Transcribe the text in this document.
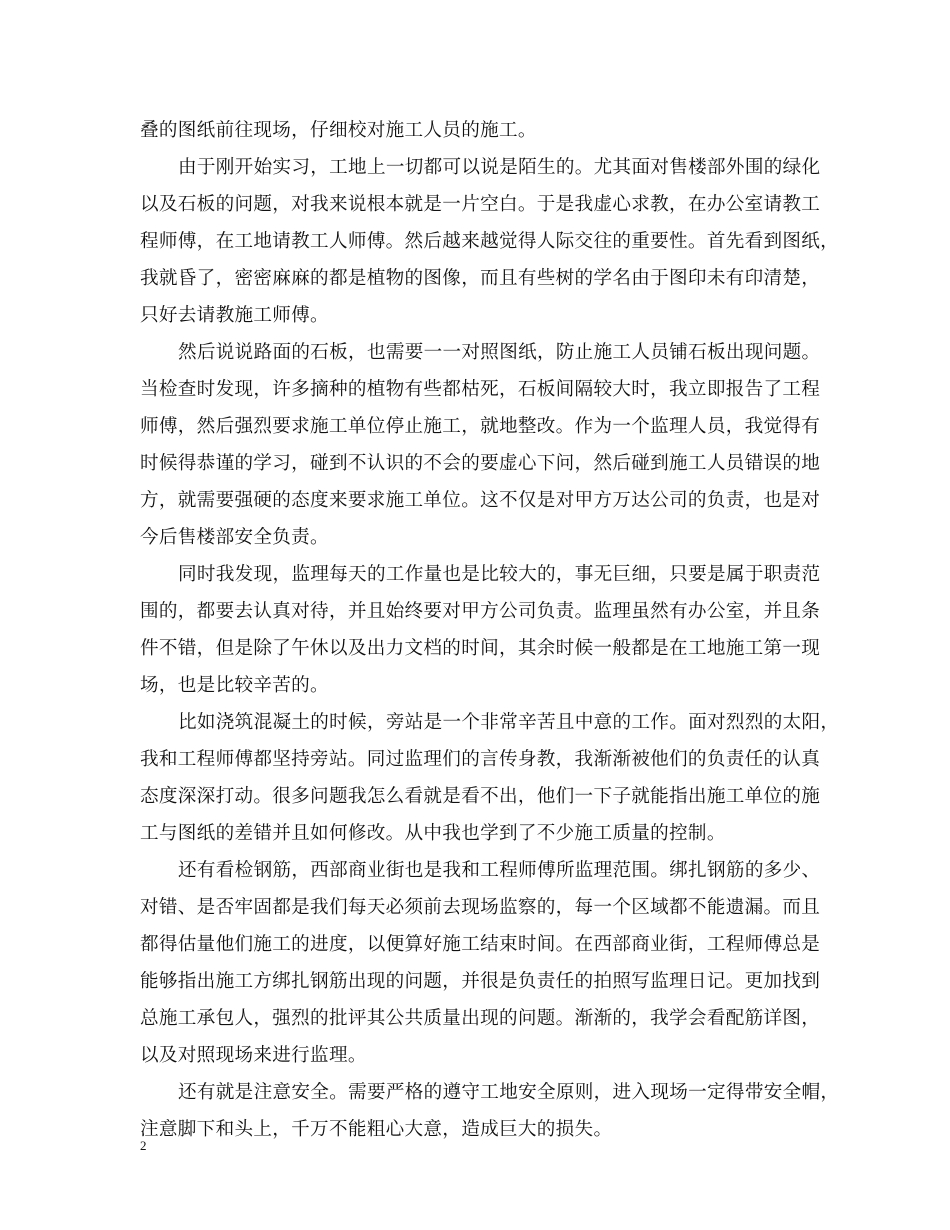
叠的图纸前往现场，仔细校对施工人员的施工。
由于刚开始实习，工地上一切都可以说是陌生的。尤其面对售楼部外围的绿化
以及石板的问题，对我来说根本就是一片空白。于是我虚心求教，在办公室请教工
程师傅，在工地请教工人师傅。然后越来越觉得人际交往的重要性。首先看到图纸，
我就昏了，密密麻麻的都是植物的图像，而且有些树的学名由于图印未有印清楚，
只好去请教施工师傅。
然后说说路面的石板，也需要一一对照图纸，防止施工人员铺石板出现问题。
当检查时发现，许多摘种的植物有些都枯死，石板间隔较大时，我立即报告了工程
师傅，然后强烈要求施工单位停止施工，就地整改。作为一个监理人员，我觉得有
时候得恭谨的学习，碰到不认识的不会的要虚心下问，然后碰到施工人员错误的地
方，就需要强硬的态度来要求施工单位。这不仅是对甲方万达公司的负责，也是对
今后售楼部安全负责。
同时我发现，监理每天的工作量也是比较大的，事无巨细，只要是属于职责范
围的，都要去认真对待，并且始终要对甲方公司负责。监理虽然有办公室，并且条
件不错，但是除了午休以及出力文档的时间，其余时候一般都是在工地施工第一现
场，也是比较辛苦的。
比如浇筑混凝土的时候，旁站是一个非常辛苦且中意的工作。面对烈烈的太阳，
我和工程师傅都坚持旁站。同过监理们的言传身教，我渐渐被他们的负责任的认真
态度深深打动。很多问题我怎么看就是看不出，他们一下子就能指出施工单位的施
工与图纸的差错并且如何修改。从中我也学到了不少施工质量的控制。
还有看检钢筋，西部商业街也是我和工程师傅所监理范围。绑扎钢筋的多少、
对错、是否牢固都是我们每天必须前去现场监察的，每一个区域都不能遗漏。而且
都得估量他们施工的进度，以便算好施工结束时间。在西部商业街，工程师傅总是
能够指出施工方绑扎钢筋出现的问题，并很是负责任的拍照写监理日记。更加找到
总施工承包人，强烈的批评其公共质量出现的问题。渐渐的，我学会看配筋详图，
以及对照现场来进行监理。
还有就是注意安全。需要严格的遵守工地安全原则，进入现场一定得带安全帽，
注意脚下和头上，千万不能粗心大意，造成巨大的损失。
2
